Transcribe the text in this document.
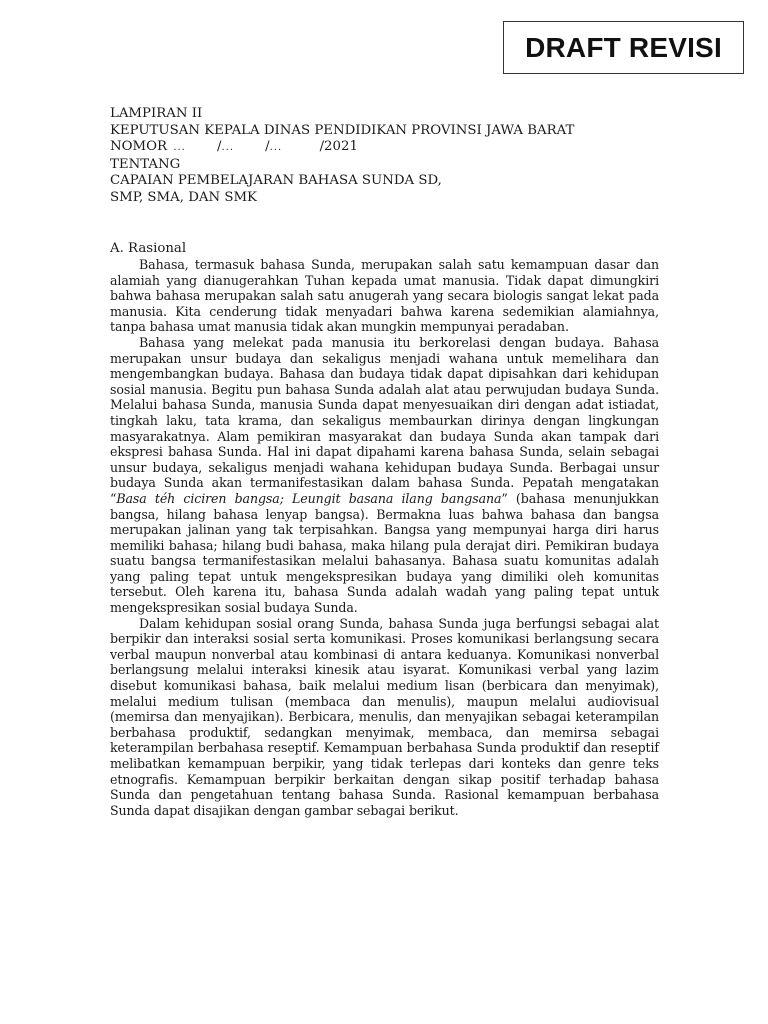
DRAFT REVISI
LAMPIRAN II
KEPUTUSAN KEPALA DINAS PENDIDIKAN PROVINSI JAWA BARAT
NOMOR ...     /...     /...	/2021
TENTANG
CAPAIAN PEMBELAJARAN BAHASA SUNDA SD,
SMP, SMA, DAN SMK
A. Rasional

Bahasa, termasuk bahasa Sunda, merupakan salah satu kemampuan dasar dan alamiah yang dianugerahkan Tuhan kepada umat manusia. Tidak dapat dimungkiri bahwa bahasa merupakan salah satu anugerah yang secara biologis sangat lekat pada manusia. Kita cenderung tidak menyadari bahwa karena sedemikian alamiahnya, tanpa bahasa umat manusia tidak akan mungkin mempunyai peradaban.

Bahasa yang melekat pada manusia itu berkorelasi dengan budaya. Bahasa merupakan unsur budaya dan sekaligus menjadi wahana untuk memelihara dan mengembangkan budaya. Bahasa dan budaya tidak dapat dipisahkan dari kehidupan sosial manusia. Begitu pun bahasa Sunda adalah alat atau perwujudan budaya Sunda. Melalui bahasa Sunda, manusia Sunda dapat menyesuaikan diri dengan adat istiadat, tingkah laku, tata krama, dan sekaligus membaurkan dirinya dengan lingkungan masyarakatnya. Alam pemikiran masyarakat dan budaya Sunda akan tampak dari ekspresi bahasa Sunda. Hal ini dapat dipahami karena bahasa Sunda, selain sebagai unsur budaya, sekaligus menjadi wahana kehidupan budaya Sunda. Berbagai unsur budaya Sunda akan termanifestasikan dalam bahasa Sunda. Pepatah mengatakan “Basa téh ciciren bangsa; Leungit basana ilang bangsana” (bahasa menunjukkan bangsa, hilang bahasa lenyap bangsa). Bermakna luas bahwa bahasa dan bangsa merupakan jalinan yang tak terpisahkan. Bangsa yang mempunyai harga diri harus memiliki bahasa; hilang budi bahasa, maka hilang pula derajat diri. Pemikiran budaya suatu bangsa termanifestasikan melalui bahasanya. Bahasa suatu komunitas adalah yang paling tepat untuk mengekspresikan budaya yang dimiliki oleh komunitas tersebut. Oleh karena itu, bahasa Sunda adalah wadah yang paling tepat untuk mengekspresikan sosial budaya Sunda.

Dalam kehidupan sosial orang Sunda, bahasa Sunda juga berfungsi sebagai alat berpikir dan interaksi sosial serta komunikasi. Proses komunikasi berlangsung secara verbal maupun nonverbal atau kombinasi di antara keduanya. Komunikasi nonverbal berlangsung melalui interaksi kinesik atau isyarat. Komunikasi verbal yang lazim disebut komunikasi bahasa, baik melalui medium lisan (berbicara dan menyimak), melalui medium tulisan (membaca dan menulis), maupun melalui audiovisual (memirsa dan menyajikan). Berbicara, menulis, dan menyajikan sebagai keterampilan berbahasa produktif, sedangkan menyimak, membaca, dan memirsa sebagai keterampilan berbahasa reseptif. Kemampuan berbahasa Sunda produktif dan reseptif melibatkan kemampuan berpikir, yang tidak terlepas dari konteks dan genre teks etnografis. Kemampuan berpikir berkaitan dengan sikap positif terhadap bahasa Sunda dan pengetahuan tentang bahasa Sunda. Rasional kemampuan berbahasa Sunda dapat disajikan dengan gambar sebagai berikut.
